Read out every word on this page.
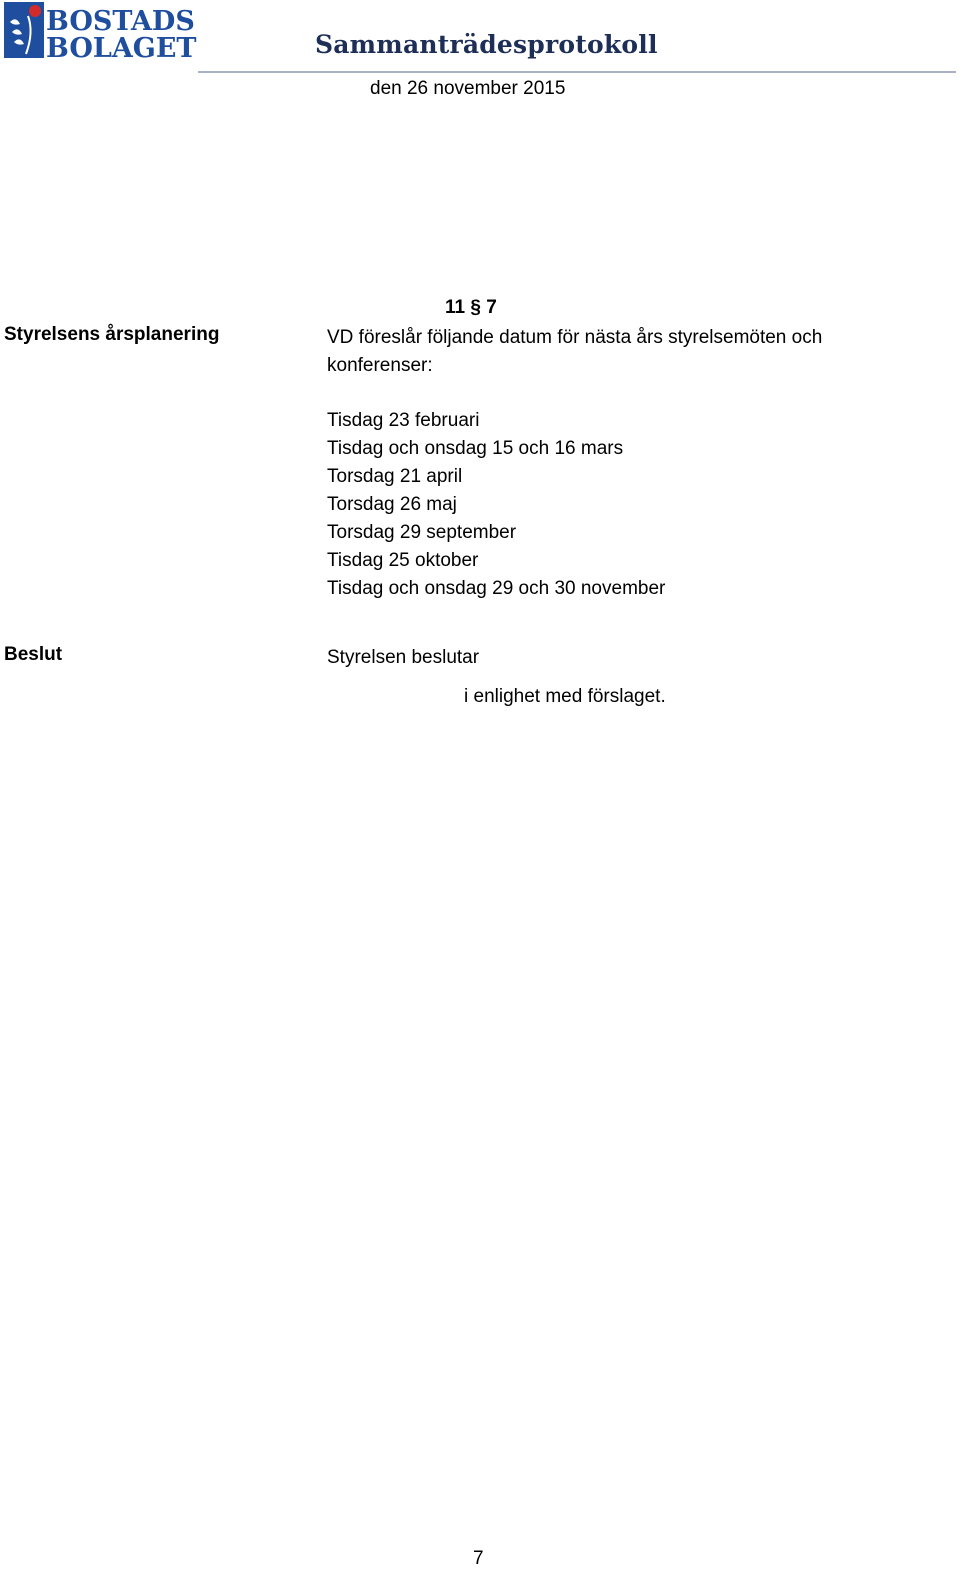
BOSTADS
BOLAGET	Sammanträdesprotokoll
den 26 november 2015
11 § 7
Styrelsens årsplanering	VD föreslår följande datum för nästa års styrelsemöten och konferenser:
Tisdag 23 februari
Tisdag och onsdag 15 och 16 mars
Torsdag 21 april
Torsdag 26 maj
Torsdag 29 september
Tisdag 25 oktober
Tisdag och onsdag 29 och 30 november
Beslut	Styrelsen beslutar
i enlighet med förslaget.
7
